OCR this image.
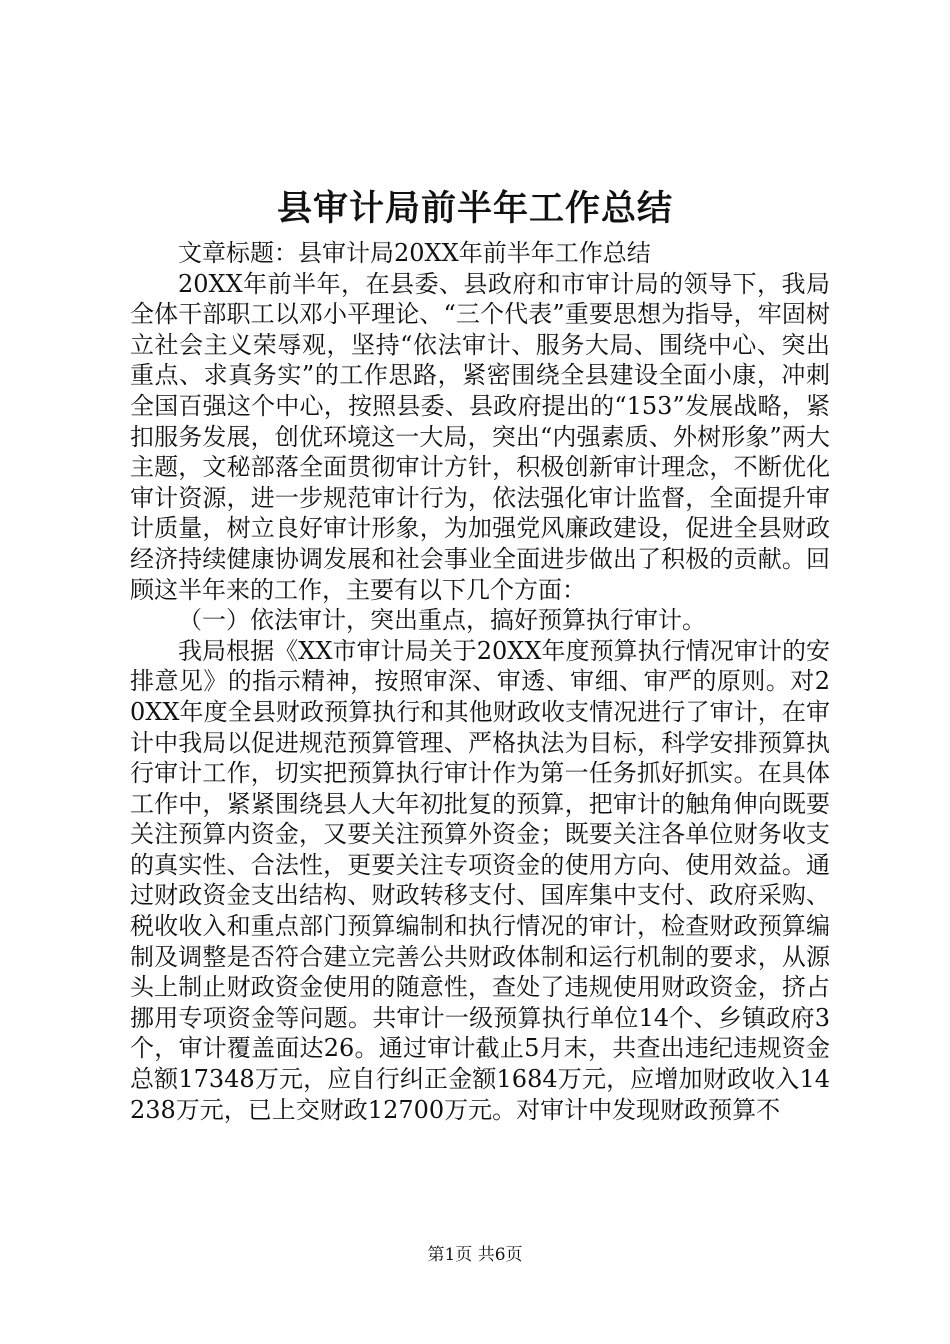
县审计局前半年工作总结

文章标题：县审计局20XX年前半年工作总结

20XX年前半年，在县委、县政府和市审计局的领导下，我局全体干部职工以邓小平理论、“三个代表”重要思想为指导，牢固树立社会主义荣辱观，坚持“依法审计、服务大局、围绕中心、突出重点、求真务实”的工作思路，紧密围绕全县建设全面小康，冲刺全国百强这个中心，按照县委、县政府提出的“153”发展战略，紧扣服务发展，创优环境这一大局，突出“内强素质、外树形象”两大主题，文秘部落全面贯彻审计方针，积极创新审计理念，不断优化审计资源，进一步规范审计行为，依法强化审计监督，全面提升审计质量，树立良好审计形象，为加强党风廉政建设，促进全县财政经济持续健康协调发展和社会事业全面进步做出了积极的贡献。回顾这半年来的工作，主要有以下几个方面：

（一）依法审计，突出重点，搞好预算执行审计。

我局根据《XX市审计局关于20XX年度预算执行情况审计的安排意见》的指示精神，按照审深、审透、审细、审严的原则。对20XX年度全县财政预算执行和其他财政收支情况进行了审计，在审计中我局以促进规范预算管理、严格执法为目标，科学安排预算执行审计工作，切实把预算执行审计作为第一任务抓好抓实。在具体工作中，紧紧围绕县人大年初批复的预算，把审计的触角伸向既要关注预算内资金，又要关注预算外资金；既要关注各单位财务收支的真实性、合法性，更要关注专项资金的使用方向、使用效益。通过财政资金支出结构、财政转移支付、国库集中支付、政府采购、税收收入和重点部门预算编制和执行情况的审计，检查财政预算编制及调整是否符合建立完善公共财政体制和运行机制的要求，从源头上制止财政资金使用的随意性，查处了违规使用财政资金，挤占挪用专项资金等问题。共审计一级预算执行单位14个、乡镇政府3个，审计覆盖面达26。通过审计截止5月末，共查出违纪违规资金总额17348万元，应自行纠正金额1684万元，应增加财政收入14238万元，已上交财政12700万元。对审计中发现财政预算不

第1页 共6页
